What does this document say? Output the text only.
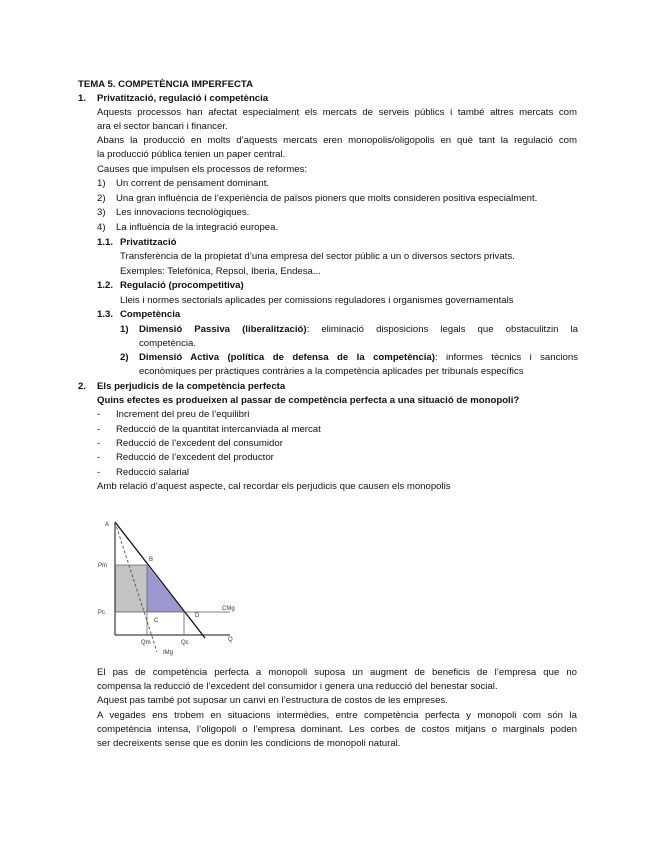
TEMA 5. COMPETÈNCIA IMPERFECTA
1. Privatització, regulació i competència
Aquests processos han afectat especialment els mercats de serveis públics i també altres mercats com
ara el sector bancari i financer.
Abans la producció en molts d’aquests mercats eren monopolis/oligopolis en què tant la regulació com
la producció pública tenien un paper central.
Causes que impulsen els processos de reformes:
1) Un corrent de pensament dominant.
2) Una gran influència de l’experiència de països pioners que molts consideren positiva especialment.
3) Les innovacions tecnològiques.
4) La influència de la integració europea.
1.1. Privatització
Transferència de la propietat d’una empresa del sector públic a un o diversos sectors privats.
Exemples: Telefónica, Repsol, Iberia, Endesa...
1.2. Regulació (procompetitiva)
Lleis i normes sectorials aplicades per comissions reguladores i organismes governamentals
1.3. Competència
1) Dimensió Passiva (liberalització): eliminació disposicions legals que obstaculitzin la
competència.
2) Dimensió Activa (política de defensa de la competència): informes tècnics i sancions
econòmiques per pràctiques contràries a la competència aplicades per tribunals específics
2. Els perjudicis de la competència perfecta
Quins efectes es produeixen al passar de competència perfecta a una situació de monopoli?
- Increment del preu de l’equilibri
- Reducció de la quantitat intercanviada al mercat
- Reducció de l’excedent del consumidor
- Reducció de l’excedent del productor
- Reducció salarial
Amb relació d’aquest aspecte, cal recordar els perjudicis que causen els monopolis
A
Pm
Pc
B
C
D
CMg
Qm	Qc
IMg
Q
El pas de competència perfecta a monopoli suposa un augment de beneficis de l’empresa que no
compensa la reducció de l’excedent del consumidor i genera una reducció del benestar social.
Aquest pas també pot suposar un canvi en l’estructura de costos de les empreses.
A vegades ens trobem en situacions intermèdies, entre competència perfecta y monopoli com són la
competència intensa, l’oligopoli o l’empresa dominant. Les corbes de costos mitjans o marginals poden
ser decreixents sense que es donin les condicions de monopoli natural.
